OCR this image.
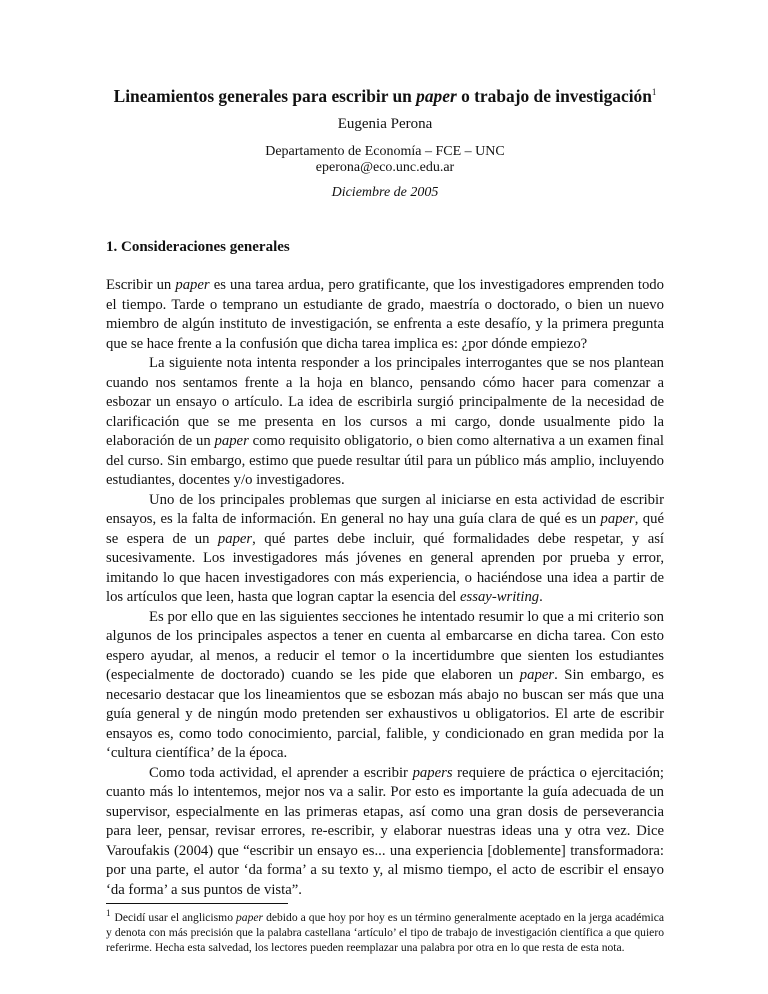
Lineamientos generales para escribir un paper o trabajo de investigación$^1$
Eugenia Perona
Departamento de Economía – FCE – UNC
eperona@eco.unc.edu.ar
Diciembre de 2005
1. Consideraciones generales

Escribir un paper es una tarea ardua, pero gratificante, que los investigadores emprenden todo el tiempo. Tarde o temprano un estudiante de grado, maestría o doctorado, o bien un nuevo miembro de algún instituto de investigación, se enfrenta a este desafío, y la primera pregunta que se hace frente a la confusión que dicha tarea implica es: ¿por dónde empiezo?

La siguiente nota intenta responder a los principales interrogantes que se nos plantean cuando nos sentamos frente a la hoja en blanco, pensando cómo hacer para comenzar a esbozar un ensayo o artículo. La idea de escribirla surgió principalmente de la necesidad de clarificación que se me presenta en los cursos a mi cargo, donde usualmente pido la elaboración de un paper como requisito obligatorio, o bien como alternativa a un examen final del curso. Sin embargo, estimo que puede resultar útil para un público más amplio, incluyendo estudiantes, docentes y/o investigadores.

Uno de los principales problemas que surgen al iniciarse en esta actividad de escribir ensayos, es la falta de información. En general no hay una guía clara de qué es un paper, qué se espera de un paper, qué partes debe incluir, qué formalidades debe respetar, y así sucesivamente. Los investigadores más jóvenes en general aprenden por prueba y error, imitando lo que hacen investigadores con más experiencia, o haciéndose una idea a partir de los artículos que leen, hasta que logran captar la esencia del essay-writing.

Es por ello que en las siguientes secciones he intentado resumir lo que a mi criterio son algunos de los principales aspectos a tener en cuenta al embarcarse en dicha tarea. Con esto espero ayudar, al menos, a reducir el temor o la incertidumbre que sienten los estudiantes (especialmente de doctorado) cuando se les pide que elaboren un paper. Sin embargo, es necesario destacar que los lineamientos que se esbozan más abajo no buscan ser más que una guía general y de ningún modo pretenden ser exhaustivos u obligatorios. El arte de escribir ensayos es, como todo conocimiento, parcial, falible, y condicionado en gran medida por la ‘cultura científica’ de la época.

Como toda actividad, el aprender a escribir papers requiere de práctica o ejercitación; cuanto más lo intentemos, mejor nos va a salir. Por esto es importante la guía adecuada de un supervisor, especialmente en las primeras etapas, así como una gran dosis de perseverancia para leer, pensar, revisar errores, re-escribir, y elaborar nuestras ideas una y otra vez. Dice Varoufakis (2004) que “escribir un ensayo es... una experiencia [doblemente] transformadora: por una parte, el autor ‘da forma’ a su texto y, al mismo tiempo, el acto de escribir el ensayo ‘da forma’ a sus puntos de vista”.

$^1$ Decidí usar el anglicismo paper debido a que hoy por hoy es un término generalmente aceptado en la jerga académica y denota con más precisión que la palabra castellana ‘artículo’ el tipo de trabajo de investigación científica a que quiero referirme. Hecha esta salvedad, los lectores pueden reemplazar una palabra por otra en lo que resta de esta nota.
